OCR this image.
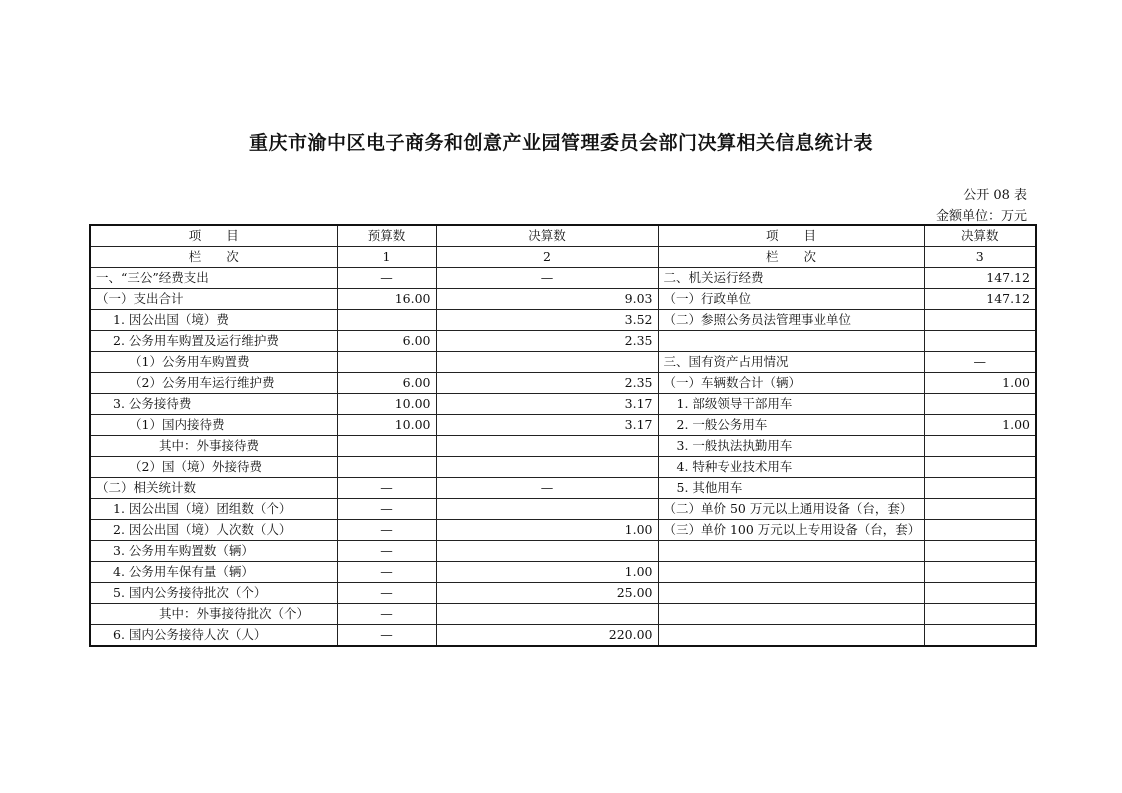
重庆市渝中区电子商务和创意产业园管理委员会部门决算相关信息统计表
公开 08 表
金额单位：万元
项　　目	预算数	决算数	项　　目	决算数
栏　　次	1	2	栏　　次	3
一、“三公”经费支出	—	—	二、机关运行经费	147.12
（一）支出合计	16.00	9.03	（一）行政单位	147.12
1. 因公出国（境）费		3.52	（二）参照公务员法管理事业单位	
2. 公务用车购置及运行维护费	6.00	2.35		
（1）公务用车购置费			三、国有资产占用情况	—
（2）公务用车运行维护费	6.00	2.35	（一）车辆数合计（辆）	1.00
3. 公务接待费	10.00	3.17	1. 部级领导干部用车	
（1）国内接待费	10.00	3.17	2. 一般公务用车	1.00
其中：外事接待费			3. 一般执法执勤用车	
（2）国（境）外接待费			4. 特种专业技术用车	
（二）相关统计数	—	—	5. 其他用车	
1. 因公出国（境）团组数（个）	—		（二）单价 50 万元以上通用设备（台，套）	
2. 因公出国（境）人次数（人）	—	1.00	（三）单价 100 万元以上专用设备（台，套）	
3. 公务用车购置数（辆）	—			
4. 公务用车保有量（辆）	—	1.00		
5. 国内公务接待批次（个）	—	25.00		
其中：外事接待批次（个）	—			
6. 国内公务接待人次（人）	—	220.00		
